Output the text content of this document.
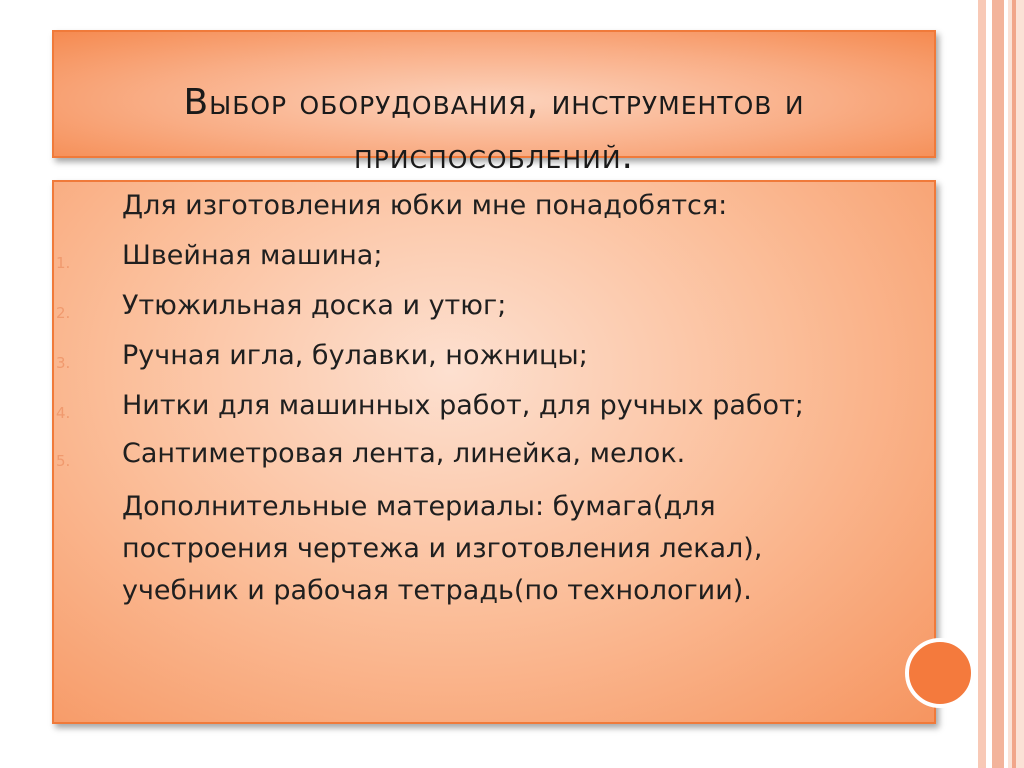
Выбор оборудования, инструментов и приспособлений.
Для изготовления юбки мне понадобятся:
1. Швейная машина;
2. Утюжильная доска и утюг;
3. Ручная игла, булавки, ножницы;
4. Нитки для машинных работ, для ручных работ;
5. Сантиметровая лента, линейка, мелок.
Дополнительные материалы: бумага(для построения чертежа и изготовления лекал), учебник и рабочая тетрадь(по технологии).
